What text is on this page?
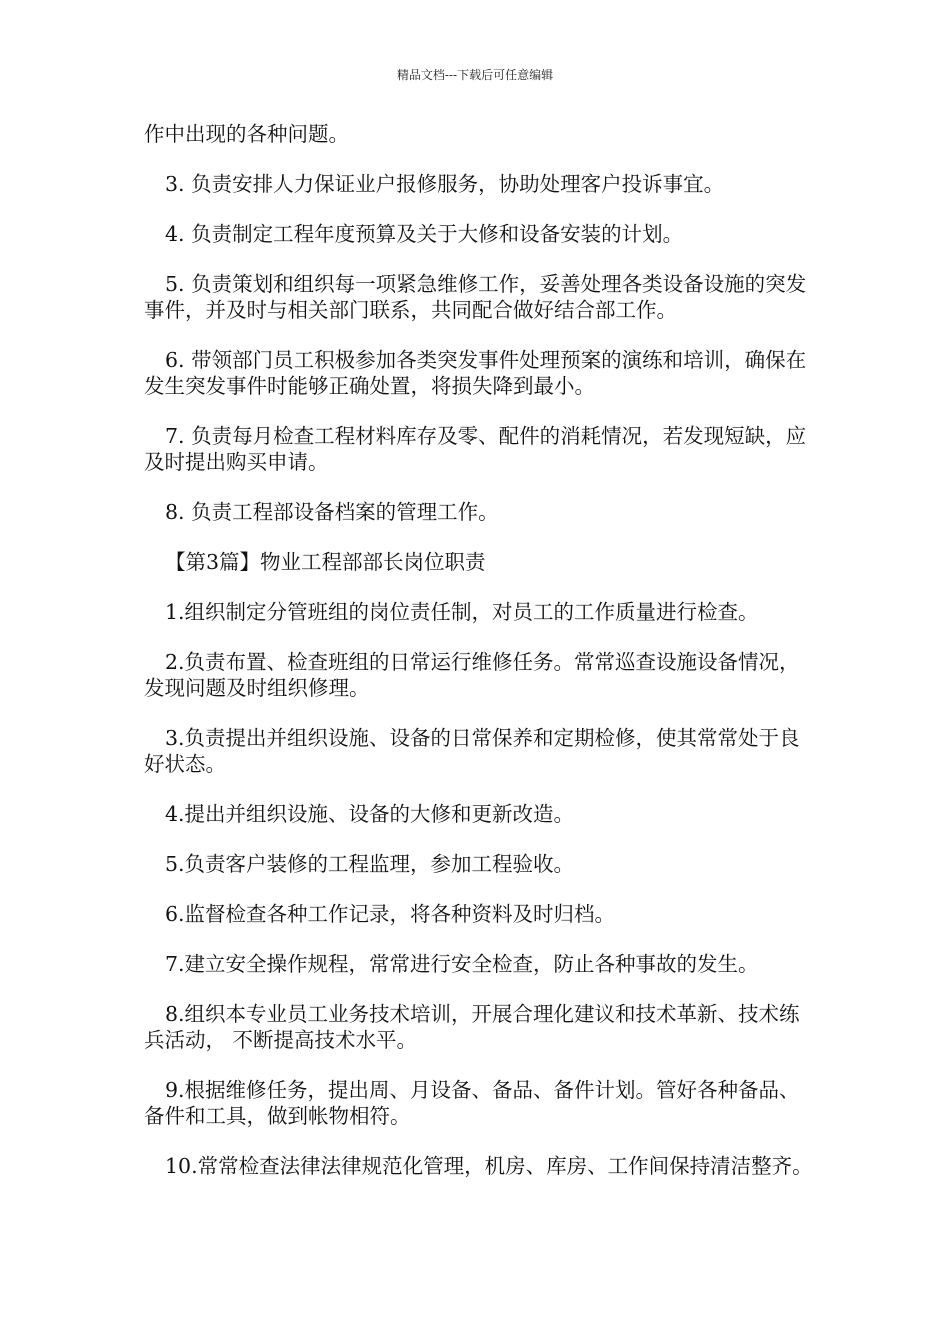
精品文档---下载后可任意编辑

作中出现的各种问题。

3. 负责安排人力保证业户报修服务，协助处理客户投诉事宜。

4. 负责制定工程年度预算及关于大修和设备安装的计划。

5. 负责策划和组织每一项紧急维修工作，妥善处理各类设备设施的突发事件，并及时与相关部门联系，共同配合做好结合部工作。

6. 带领部门员工积极参加各类突发事件处理预案的演练和培训，确保在发生突发事件时能够正确处置，将损失降到最小。

7. 负责每月检查工程材料库存及零、配件的消耗情况，若发现短缺，应及时提出购买申请。

8. 负责工程部设备档案的管理工作。

【第3篇】物业工程部部长岗位职责

1.组织制定分管班组的岗位责任制，对员工的工作质量进行检查。

2.负责布置、检查班组的日常运行维修任务。常常巡查设施设备情况，发现问题及时组织修理。

3.负责提出并组织设施、设备的日常保养和定期检修，使其常常处于良好状态。

4.提出并组织设施、设备的大修和更新改造。

5.负责客户装修的工程监理，参加工程验收。

6.监督检查各种工作记录，将各种资料及时归档。

7.建立安全操作规程，常常进行安全检查，防止各种事故的发生。

8.组织本专业员工业务技术培训，开展合理化建议和技术革新、技术练兵活动， 不断提高技术水平。

9.根据维修任务，提出周、月设备、备品、备件计划。管好各种备品、备件和工具，做到帐物相符。

10.常常检查法律法律规范化管理，机房、库房、工作间保持清洁整齐。
